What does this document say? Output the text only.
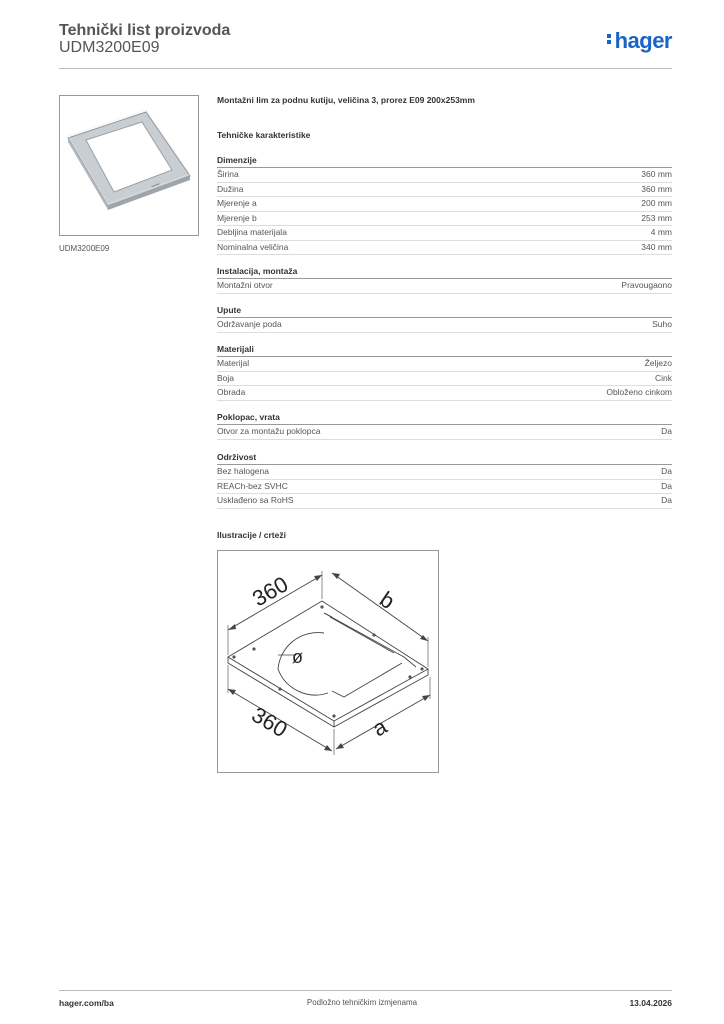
Tehnički list proizvoda
UDM3200E09	hager
▪▪▪▪▪▪
UDM3200E09
Montažni lim za podnu kutiju, veličina 3, prorez E09 200x253mm
Tehničke karakteristike
Dimenzije
Širina	360 mm
Dužina	360 mm
Mjerenje a	200 mm
Mjerenje b	253 mm
Debljina materijala	4 mm
Nominalna veličina	340 mm
Instalacija, montaža
Montažni otvor	Pravougaono
Upute
Održavanje poda	Suho
Materijali
Materijal	Željezo
Boja	Cink
Obrada	Obloženo cinkom
Poklopac, vrata
Otvor za montažu poklopca	Da
Održivost
Bez halogena	Da
REACh-bez SVHC	Da
Usklađeno sa RoHS	Da
Ilustracije / crteži
360	b
360	a
ø
hager.com/ba	Podložno tehničkim izmjenama	13.04.2026
